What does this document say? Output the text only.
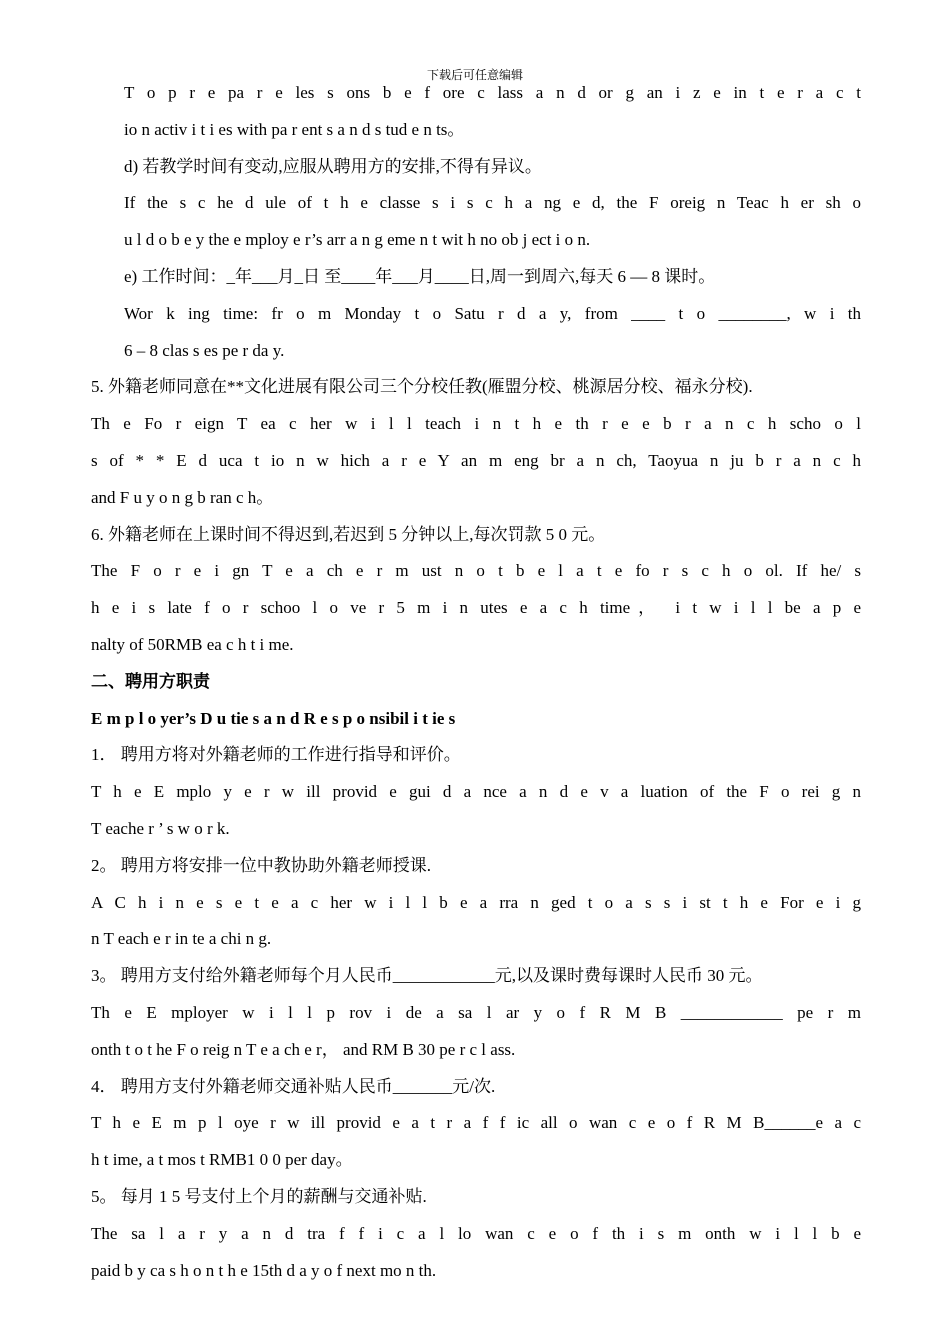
下载后可任意编辑
T o p r e pa r e les s ons b e f ore c lass a n d or g an i z e in t e r a c t
io n activ i t i es with pa r ent s a n d s tud e n ts。
d) 若教学时间有变动,应服从聘用方的安排,不得有异议。
If the s c he d ule of t h e classe s i s c h a ng e d, the F oreig n Teac h er sh o
u l d o b e y the e mploy e r’s arr a n g eme n t wit h no ob j ect i o n.
e) 工作时间：_年___月_日 至____年___月____日,周一到周六,每天 6 — 8 课时。
Wor k ing time: fr o m Monday t o Satu r d a y, from ____ t o ________, w i th
6 – 8 clas s es pe r da y.
5. 外籍老师同意在**文化进展有限公司三个分校任教(雁盟分校、桃源居分校、福永分校).
Th e Fo r eign T ea c her w i l l teach i n t h e th r e e b r a n c h scho o l
s of * * E d uca t io n w hich a r e Y an m eng br a n ch, Taoyua n ju b r a n c h
and F u y o n g b ran c h。
6. 外籍老师在上课时间不得迟到,若迟到 5 分钟以上,每次罚款 5 0 元。
The F o r e i gn T e a ch e r m ust n o t b e l a t e fo r s c h o ol. If he/ s
h e i s late f o r schoo l o ve r 5 m i n utes e a c h time， i t w i l l be a p e
nalty of 50RMB ea c h t i me.
二、聘用方职责
E m p l o yer’s D u tie s a n d R e s p o nsibil i t ie s
1． 聘用方将对外籍老师的工作进行指导和评价。
T h e E mplo y e r w ill provid e gui d a nce a n d e v a luation of the F o rei g n
T eache r ’ s w o r k.
2。 聘用方将安排一位中教协助外籍老师授课.
A C h i n e s e t e a c her w i l l b e a rra n ged t o a s s i st t h e For e i g
n T each e r in te a chi n g.
3。 聘用方支付给外籍老师每个月人民币____________元,以及课时费每课时人民币 30 元。
Th e E mployer w i l l p rov i de a sa l ar y o f R M B ____________ pe r m
onth t o t he F o reig n T e a ch e r， and RM B 30 pe r c l ass.
4． 聘用方支付外籍老师交通补贴人民币_______元/次.
T h e E m p l oye r w ill provid e a t r a f f ic all o wan c e o f R M B______e a c
h t ime, a t mos t RMB1 0 0 per day。
5。 每月 1 5 号支付上个月的薪酬与交通补贴.
The sa l a r y a n d tra f f i c a l lo wan c e o f th i s m onth w i l l b e
paid b y ca s h o n t h e 15th d a y o f next mo n th.
